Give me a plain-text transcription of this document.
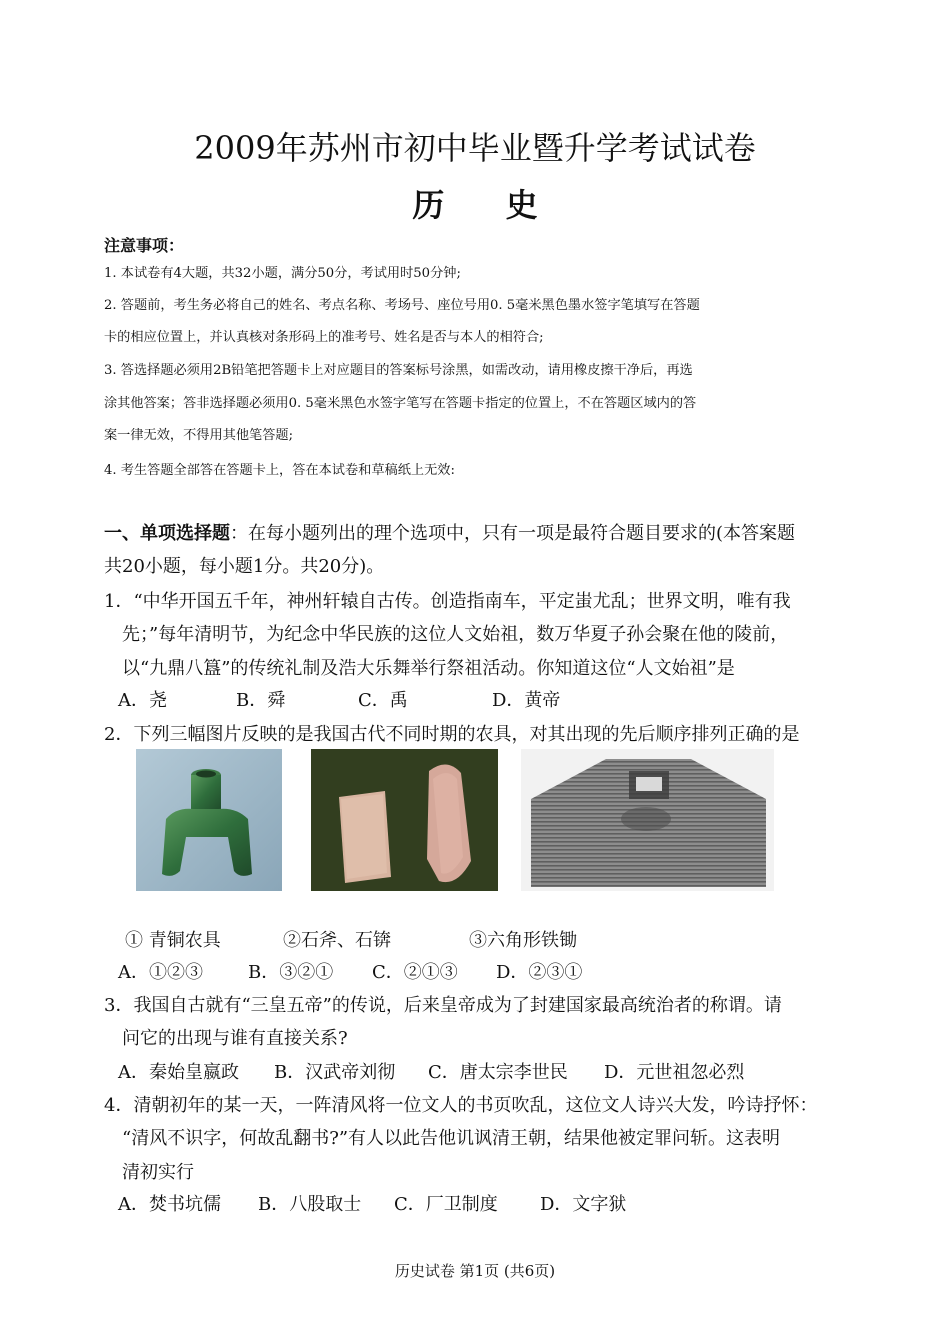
2009年苏州市初中毕业暨升学考试试卷
历 史
注意事项：
1. 本试卷有4大题，共32小题，满分50分，考试用时50分钟;
2. 答题前，考生务必将自己的姓名、考点名称、考场号、座位号用0. 5毫米黑色墨水签字笔填写在答题
卡的相应位置上，并认真核对条形码上的准考号、姓名是否与本人的相符合;
3. 答选择题必须用2B铅笔把答题卡上对应题目的答案标号涂黑，如需改动，请用橡皮擦干净后，再选
涂其他答案；答非选择题必须用0. 5毫米黑色水签字笔写在答题卡指定的位置上，不在答题区域内的答
案一律无效，不得用其他笔答题;
4. 考生答题全部答在答题卡上，答在本试卷和草稿纸上无效:
一、单项选择题：在每小题列出的理个选项中，只有一项是最符合题目要求的(本答案题
共20小题，每小题1分。共20分)。
1．“中华开国五千年，神州轩辕自古传。创造指南车，平定蚩尤乱；世界文明，唯有我
先；”每年清明节，为纪念中华民族的这位人文始祖，数万华夏子孙会聚在他的陵前，
以“九鼎八簋”的传统礼制及浩大乐舞举行祭祖活动。你知道这位“人文始祖”是
A．尧	B．舜	C．禹	D．黄帝
2．下列三幅图片反映的是我国古代不同时期的农具，对其出现的先后顺序排列正确的是
① 青铜农具	②石斧、石锛	③六角形铁锄
A．①②③	B．③②① C．②①③ D．②③①
3．我国自古就有“三皇五帝”的传说，后来皇帝成为了封建国家最高统治者的称谓。请
问它的出现与谁有直接关系?
A．秦始皇嬴政 B．汉武帝刘彻 C．唐太宗李世民 D．元世祖忽必烈
4．清朝初年的某一天，一阵清风将一位文人的书页吹乱，这位文人诗兴大发，吟诗抒怀：
“清风不识字，何故乱翻书?”有人以此告他讥讽清王朝，结果他被定罪问斩。这表明
清初实行
A．焚书坑儒 B．八股取士 C．厂卫制度 D．文字狱
历史试卷 第1页 (共6页)
